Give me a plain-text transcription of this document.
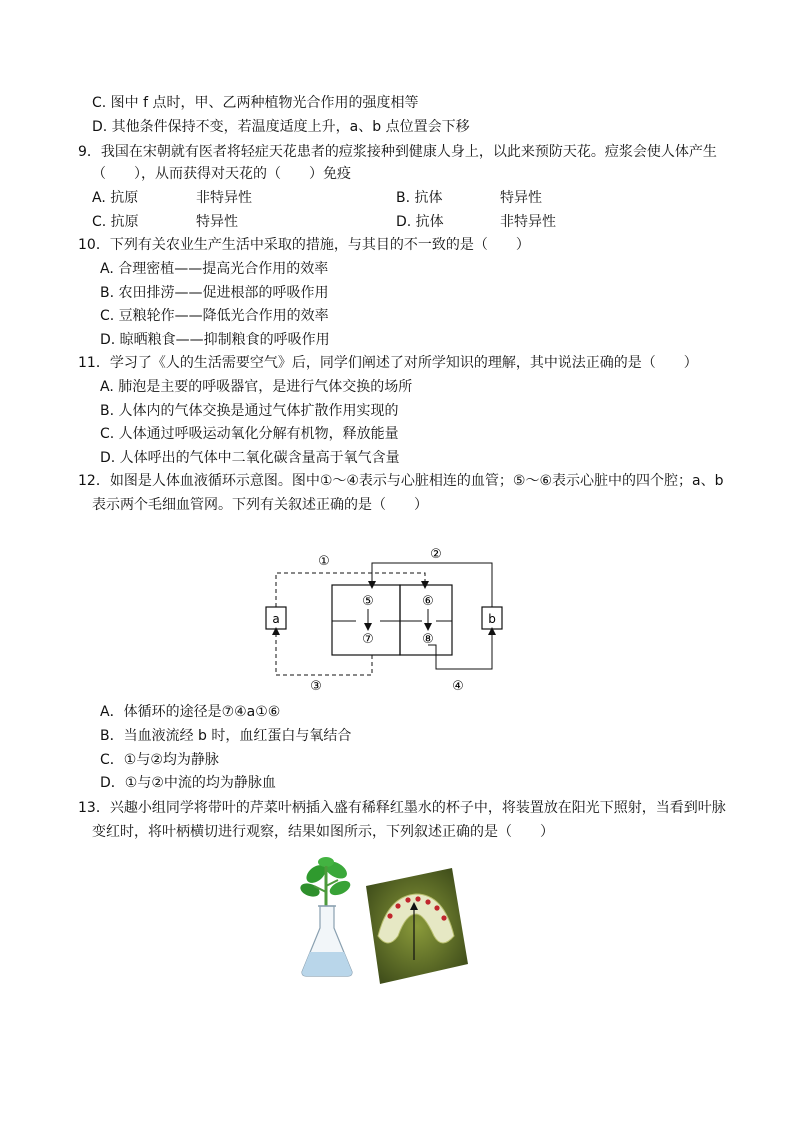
C. 图中 f 点时，甲、乙两种植物光合作用的强度相等
D. 其他条件保持不变，若温度适度上升，a、b 点位置会下移
9．我国在宋朝就有医者将轻症天花患者的痘浆接种到健康人身上，以此来预防天花。痘浆会使人体产生
（　　），从而获得对天花的（　　）免疫
A. 抗原	非特异性	B. 抗体	特异性
C. 抗原	特异性	D. 抗体	非特异性
10．下列有关农业生产生活中采取的措施，与其目的不一致的是（　　）
A. 合理密植——提高光合作用的效率
B. 农田排涝——促进根部的呼吸作用
C. 豆粮轮作——降低光合作用的效率
D. 晾晒粮食——抑制粮食的呼吸作用
11．学习了《人的生活需要空气》后，同学们阐述了对所学知识的理解，其中说法正确的是（　　）
A. 肺泡是主要的呼吸器官，是进行气体交换的场所
B. 人体内的气体交换是通过气体扩散作用实现的
C. 人体通过呼吸运动氧化分解有机物，释放能量
D. 人体呼出的气体中二氧化碳含量高于氧气含量
12．如图是人体血液循环示意图。图中①～④表示与心脏相连的血管；⑤～⑥表示心脏中的四个腔；a、b
表示两个毛细血管网。下列有关叙述正确的是（　　）
a	b
⑤	⑥
⑦	⑧
①	②
③	④
A．体循环的途径是⑦④a①⑥
B．当血液流经 b 时，血红蛋白与氧结合
C．①与②均为静脉
D．①与②中流的均为静脉血
13．兴趣小组同学将带叶的芹菜叶柄插入盛有稀释红墨水的杯子中，将装置放在阳光下照射，当看到叶脉
变红时，将叶柄横切进行观察，结果如图所示，下列叙述正确的是（　　）
